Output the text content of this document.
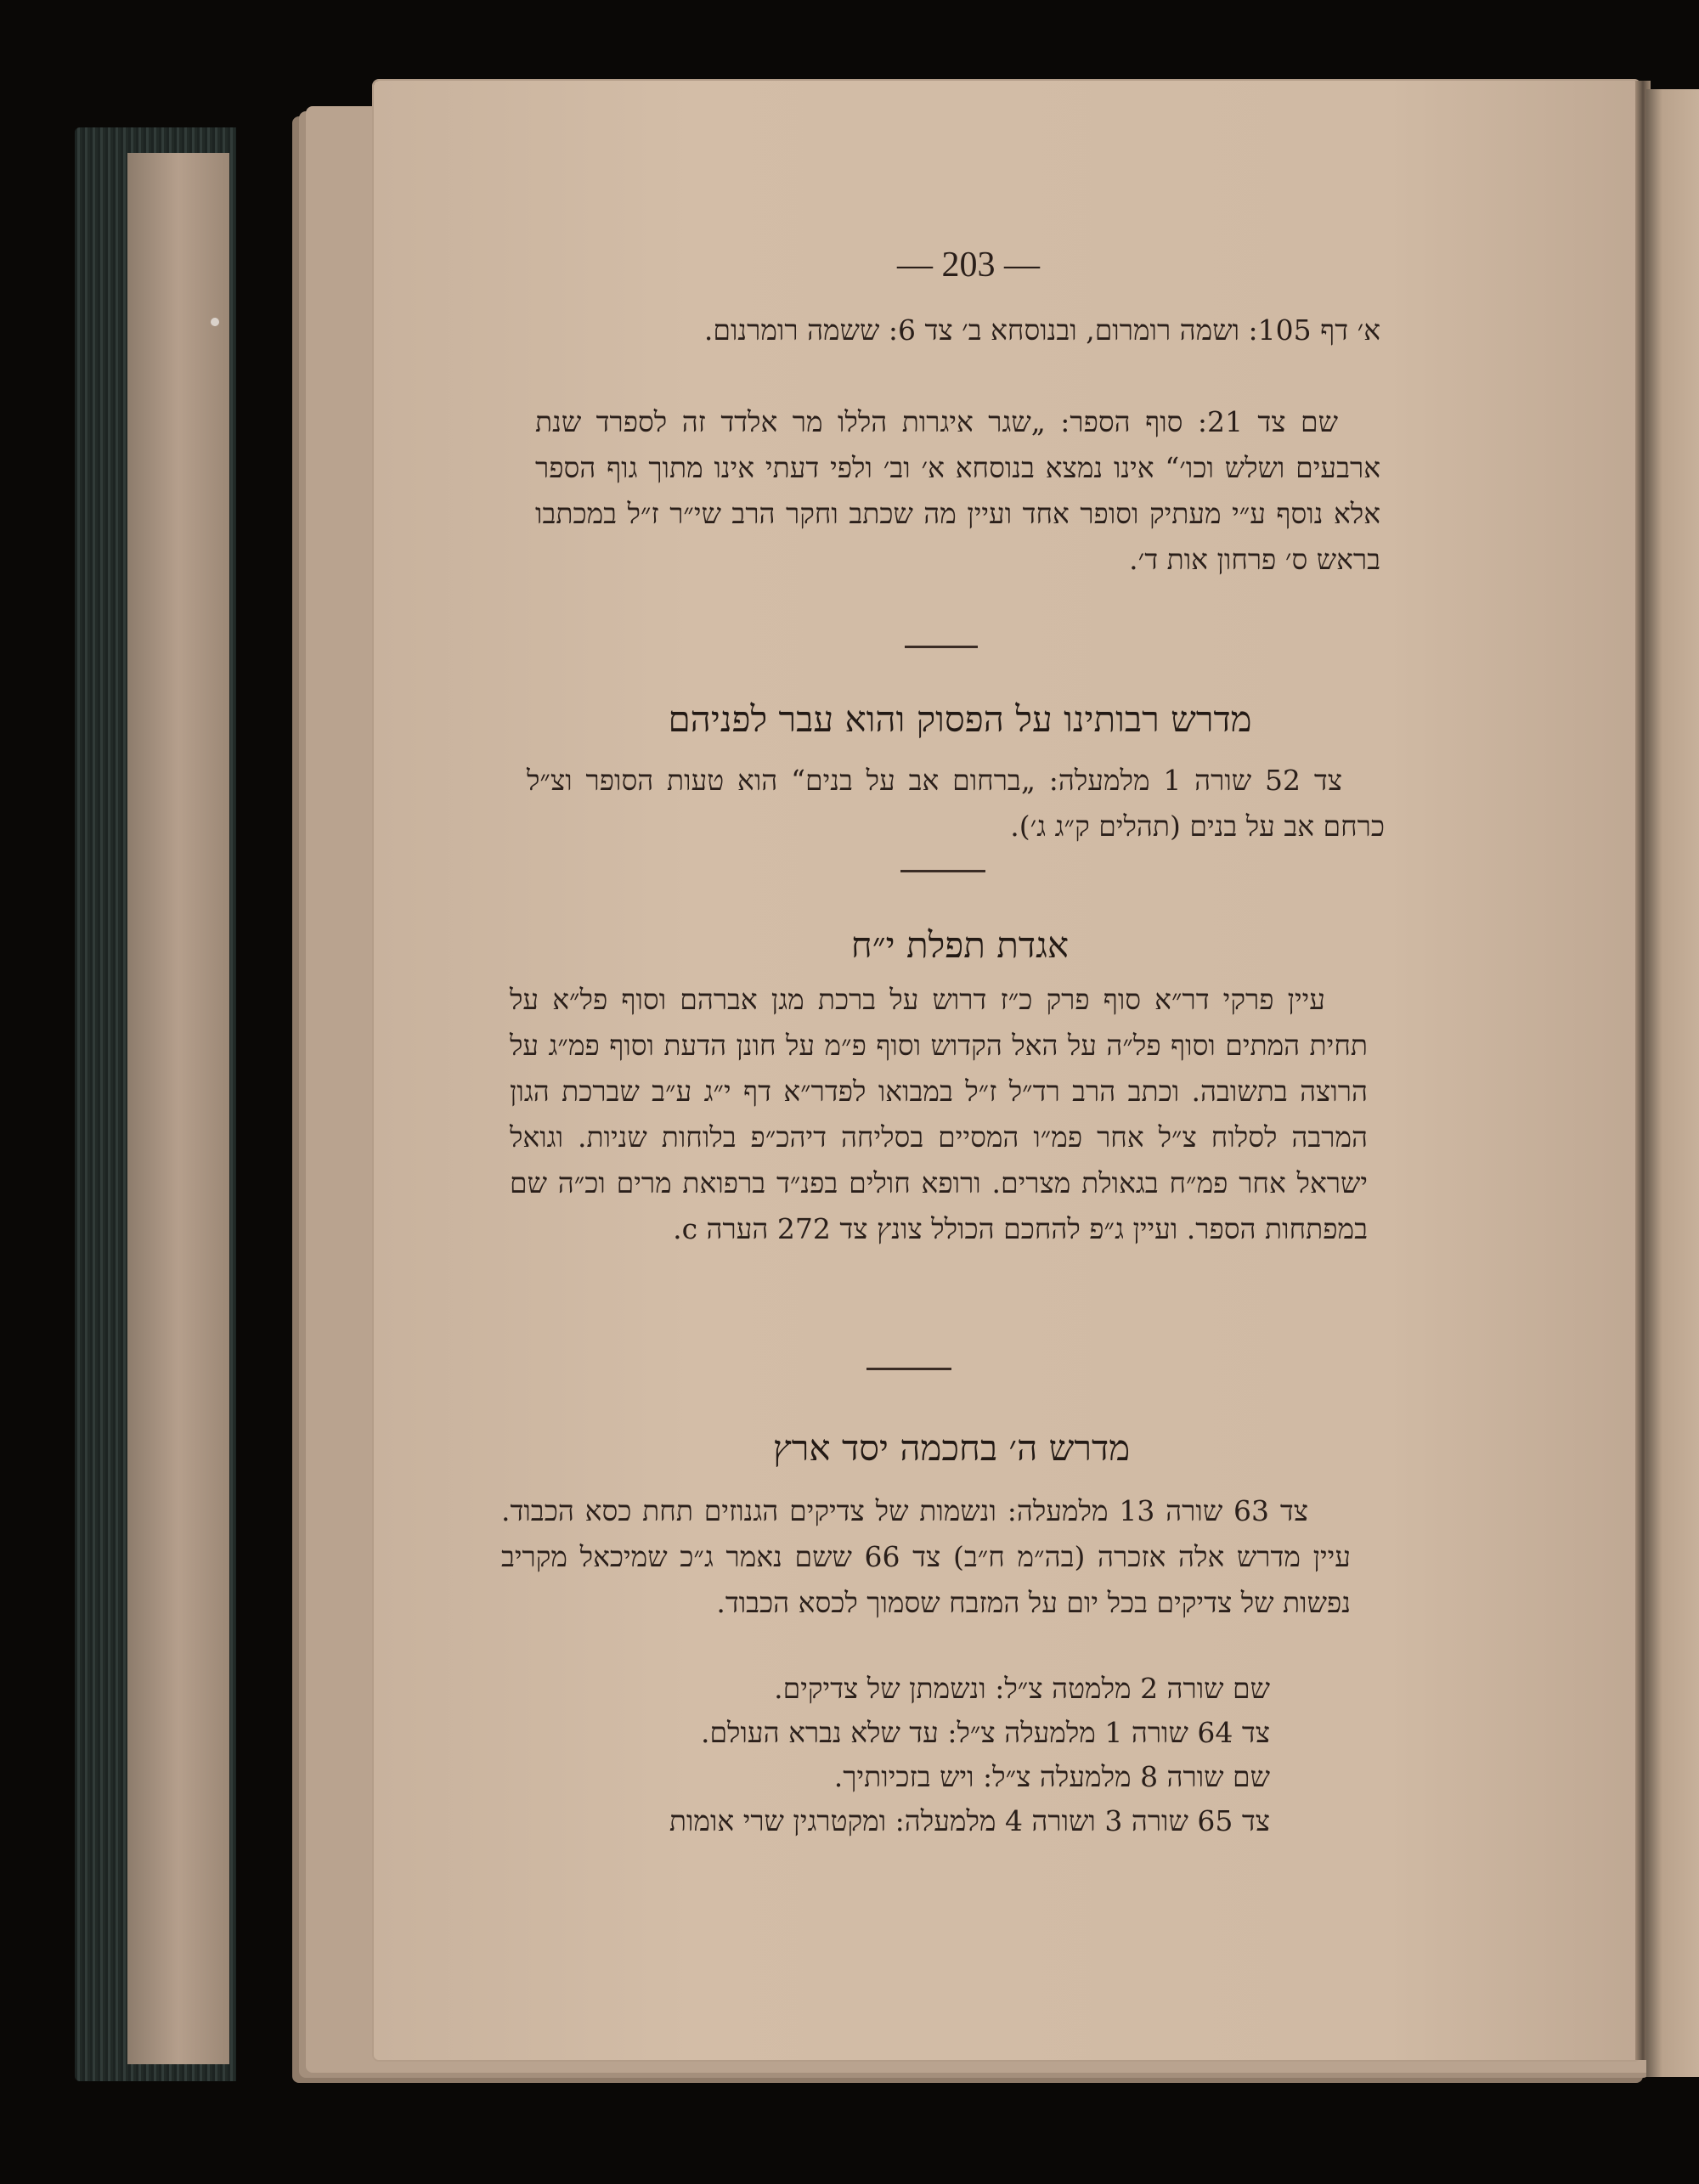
— 203 —
א׳ דף 105: ושמה רומרום, ובנוסחא ב׳ צד 6: ששמה רומרנום.
שם צד 21: סוף הספר: „שגר איגרות הללו מר אלדד זה לספרד שנת ארבעים ושלש וכו׳“ אינו נמצא בנוסחא א׳ וב׳ ולפי דעתי אינו מתוך גוף הספר אלא נוסף ע״י מעתיק וסופר אחד ועיין מה שכתב וחקר הרב שי״ר ז״ל במכתבו בראש ס׳ פרחון אות ד׳.
מדרש רבותינו על הפסוק והוא עבר לפניהם
צד 52 שורה 1 מלמעלה: „ברחום אב על בנים“ הוא טעות הסופר וצ״ל כרחם אב על בנים (תהלים ק״ג ג׳).
אגדת תפלת י״ח
עיין פרקי דר״א סוף פרק כ״ז דרוש על ברכת מגן אברהם וסוף פל״א על תחית המתים וסוף פל״ה על האל הקדוש וסוף פ״מ על חונן הדעת וסוף פמ״ג על הרוצה בתשובה. וכתב הרב רד״ל ז״ל במבואו לפדר״א דף י״ג ע״ב שברכת הגון המרבה לסלוח צ״ל אחר פמ״ו המסיים בסליחה דיהכ״פ בלוחות שניות. וגואל ישראל אחר פמ״ח בגאולת מצרים. ורופא חולים בפנ״ד ברפואת מרים וכ״ה שם במפתחות הספר. ועיין ג״פ להחכם הכולל צונץ צד 272 הערה c.
מדרש ה׳ בחכמה יסד ארץ
צד 63 שורה 13 מלמעלה: ונשמות של צדיקים הגנוזים תחת כסא הכבוד. עיין מדרש אלה אזכרה (בה״מ ח״ב) צד 66 ששם נאמר ג״כ שמיכאל מקריב נפשות של צדיקים בכל יום על המזבח שסמוך לכסא הכבוד.
שם שורה 2 מלמטה צ״ל: ונשמתן של צדיקים.
צד 64 שורה 1 מלמעלה צ״ל: עד שלא נברא העולם.
שם שורה 8 מלמעלה צ״ל: ויש בזכיותיך.
צד 65 שורה 3 ושורה 4 מלמעלה: ומקטרגין שרי אומות
